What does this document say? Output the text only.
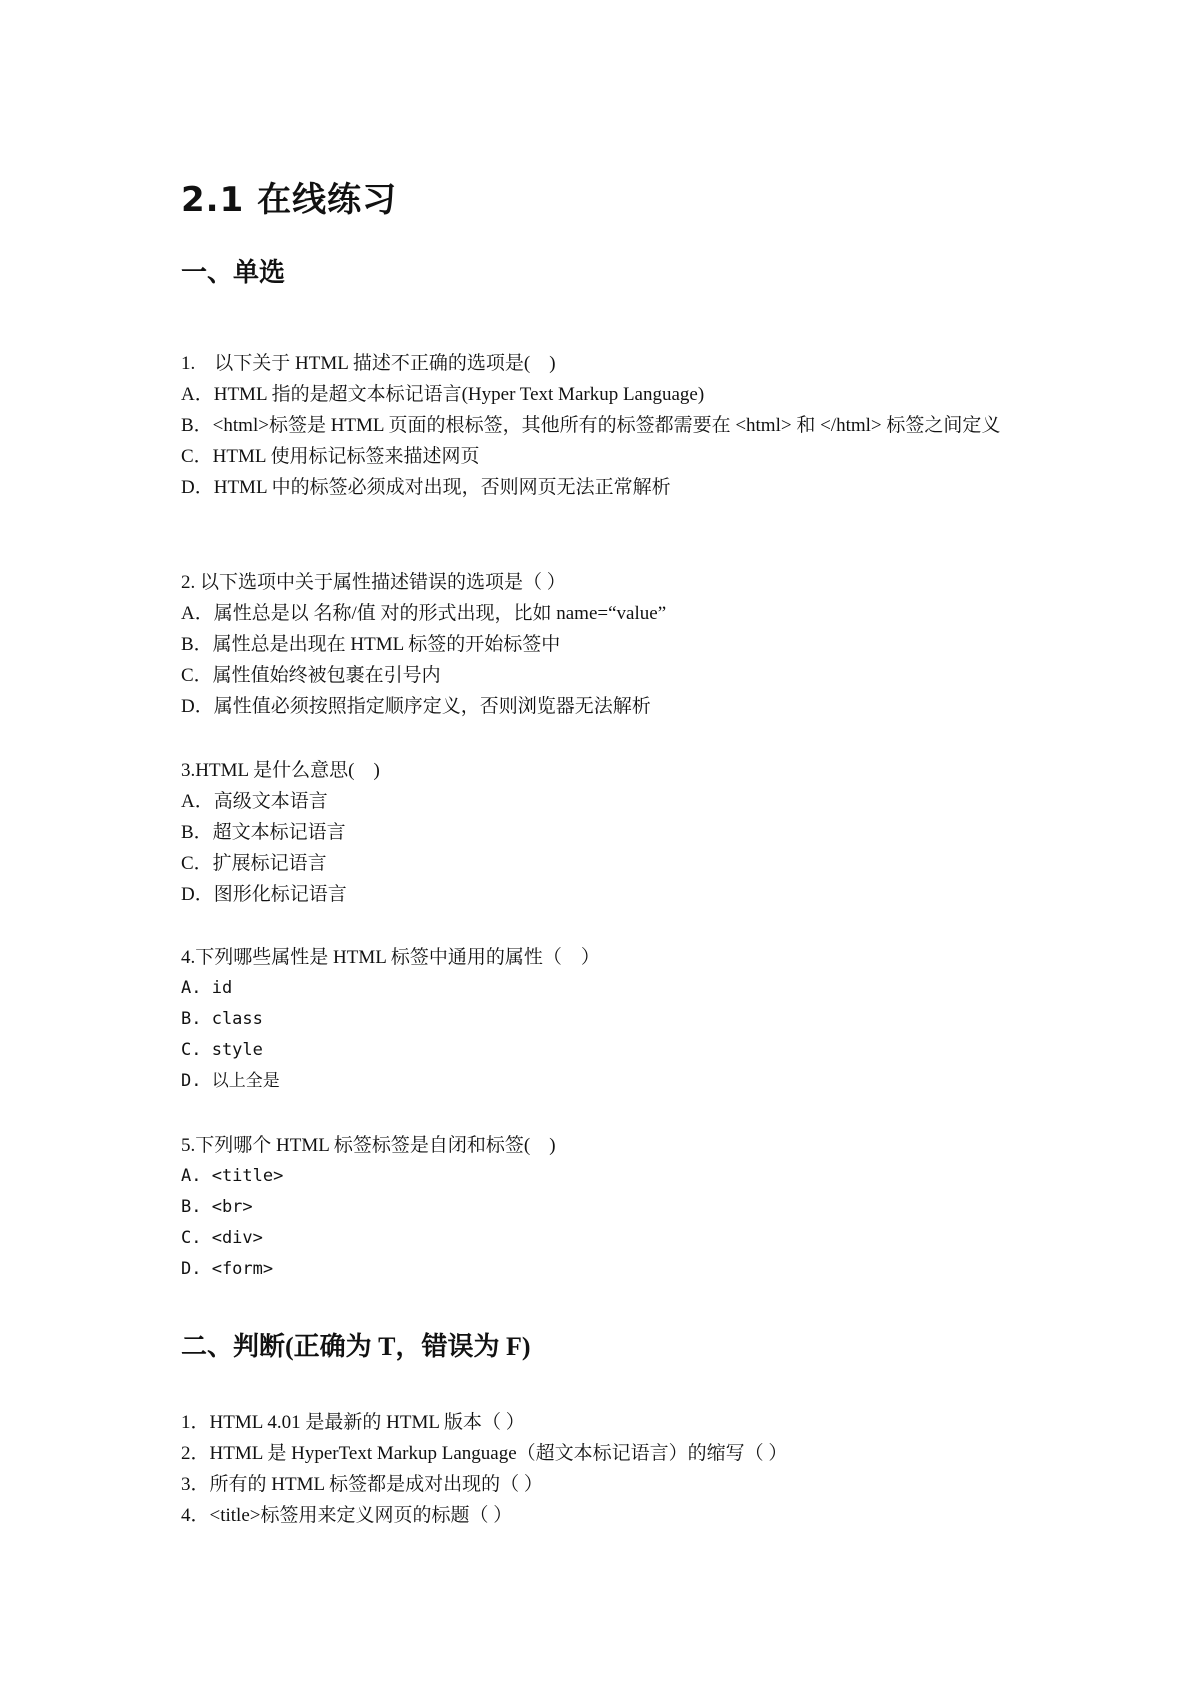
2.1 在线练习
一、单选
1.　以下关于 HTML 描述不正确的选项是(　)
A．HTML 指的是超文本标记语言(Hyper Text Markup Language)
B．<html>标签是 HTML 页面的根标签，其他所有的标签都需要在 <html> 和 </html> 标签之间定义
C．HTML 使用标记标签来描述网页
D．HTML 中的标签必须成对出现，否则网页无法正常解析
2. 以下选项中关于属性描述错误的选项是（ ）
A．属性总是以 名称/值 对的形式出现，比如 name=“value”
B．属性总是出现在 HTML 标签的开始标签中
C．属性值始终被包裹在引号内
D．属性值必须按照指定顺序定义，否则浏览器无法解析
3.HTML 是什么意思(　)
A．高级文本语言
B．超文本标记语言
C．扩展标记语言
D．图形化标记语言
4.下列哪些属性是 HTML 标签中通用的属性（　）
A. id
B. class
C. style
D. 以上全是
5.下列哪个 HTML 标签标签是自闭和标签(　)
A. <title>
B. <br>
C. <div>
D. <form>
二、判断(正确为 T，错误为 F)
1．HTML 4.01 是最新的 HTML 版本（ ）
2．HTML 是 HyperText Markup Language（超文本标记语言）的缩写（ ）
3．所有的 HTML 标签都是成对出现的（ ）
4．<title>标签用来定义网页的标题（ ）
